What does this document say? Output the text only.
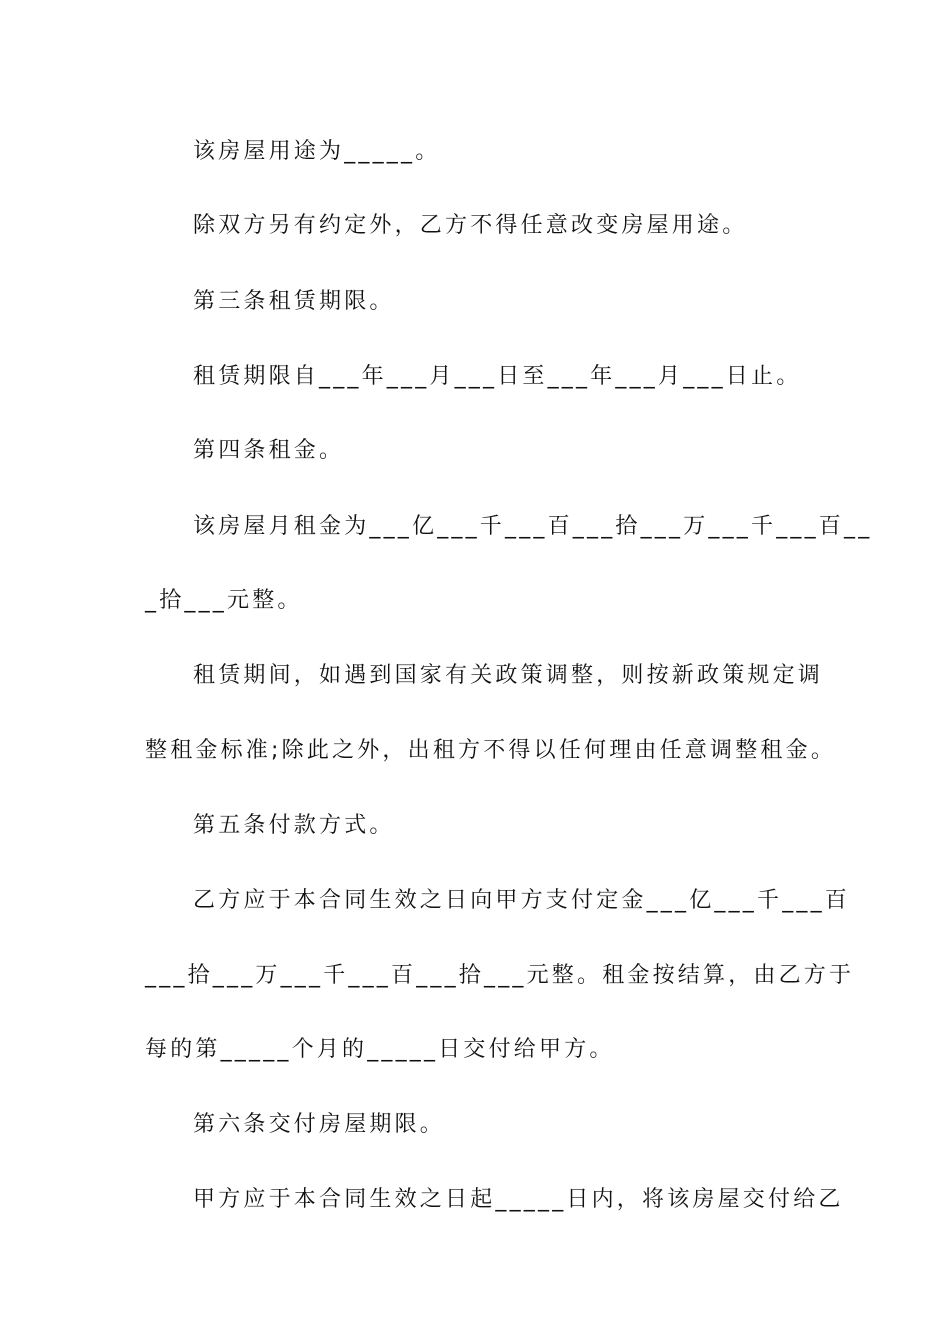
该房屋用途为_____。
除双方另有约定外，乙方不得任意改变房屋用途。
第三条租赁期限。
租赁期限自___年___月___日至___年___月___日止。
第四条租金。
该房屋月租金为___亿___千___百___拾___万___千___百__
_拾___元整。
租赁期间，如遇到国家有关政策调整，则按新政策规定调
整租金标准;除此之外，出租方不得以任何理由任意调整租金。
第五条付款方式。
乙方应于本合同生效之日向甲方支付定金___亿___千___百
___拾___万___千___百___拾___元整。租金按结算，由乙方于
每的第_____个月的_____日交付给甲方。
第六条交付房屋期限。
甲方应于本合同生效之日起_____日内，将该房屋交付给乙
